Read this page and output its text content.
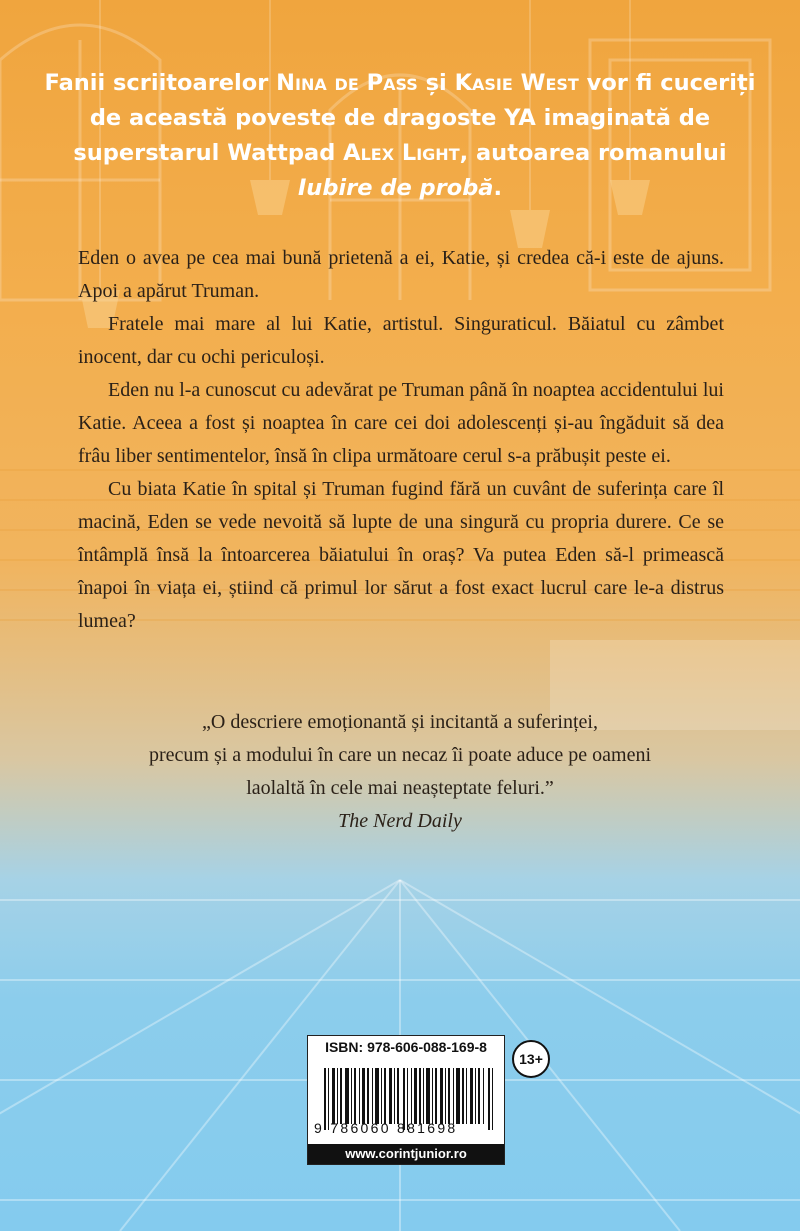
Fanii scriitoarelor Nina de Pass și Kasie West vor fi cuceriți de această poveste de dragoste YA imaginată de superstarul Wattpad Alex Light, autoarea romanului Iubire de probă.

Eden o avea pe cea mai bună prietenă a ei, Katie, și credea că-i este de ajuns. Apoi a apărut Truman.

Fratele mai mare al lui Katie, artistul. Singuraticul. Băiatul cu zâmbet inocent, dar cu ochi periculoși.

Eden nu l-a cunoscut cu adevărat pe Truman până în noaptea accidentului lui Katie. Aceea a fost și noaptea în care cei doi adolescenți și-au îngăduit să dea frâu liber sentimentelor, însă în clipa următoare cerul s-a prăbușit peste ei.

Cu biata Katie în spital și Truman fugind fără un cuvânt de suferința care îl macină, Eden se vede nevoită să lupte de una singură cu propria durere. Ce se întâmplă însă la întoarcerea băiatului în oraș? Va putea Eden să-l primească înapoi în viața ei, știind că primul lor sărut a fost exact lucrul care le-a distrus lumea?

„O descriere emoționantă și incitantă a suferinței,
precum și a modului în care un necaz îi poate aduce pe oameni
laolaltă în cele mai neașteptate feluri.”
The Nerd Daily
ISBN: 978-606-088-169-8
9 786060 881698
www.corintjunior.ro
13+
